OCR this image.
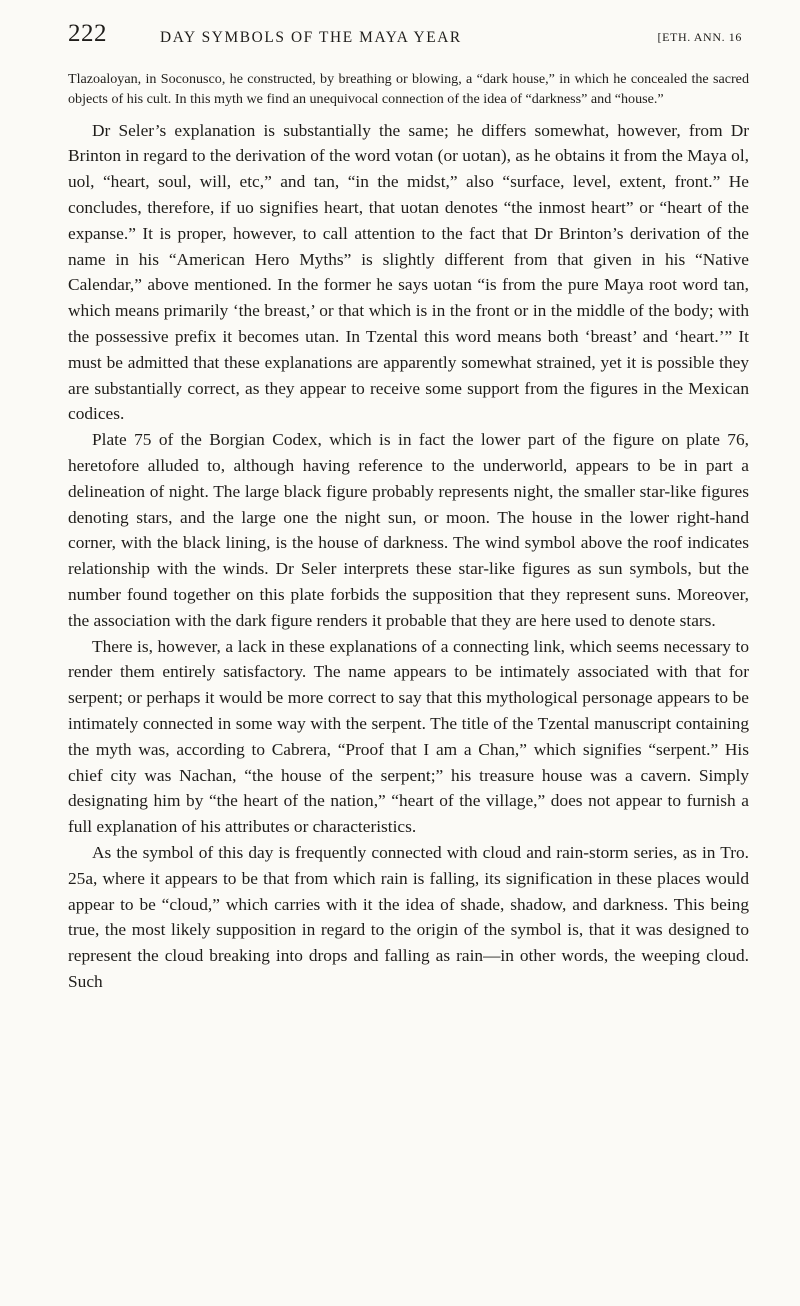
222	DAY SYMBOLS OF THE MAYA YEAR	[ETH. ANN. 16

Tlazoaloyan, in Soconusco, he constructed, by breathing or blowing, a “dark house,” in which he concealed the sacred objects of his cult. In this myth we find an unequivocal connection of the idea of “darkness” and “house.”

Dr Seler’s explanation is substantially the same; he differs somewhat, however, from Dr Brinton in regard to the derivation of the word votan (or uotan), as he obtains it from the Maya ol, uol, “heart, soul, will, etc,” and tan, “in the midst,” also “surface, level, extent, front.” He concludes, therefore, if uo signifies heart, that uotan denotes “the inmost heart” or “heart of the expanse.” It is proper, however, to call attention to the fact that Dr Brinton’s derivation of the name in his “American Hero Myths” is slightly different from that given in his “Native Calendar,” above mentioned. In the former he says uotan “is from the pure Maya root word tan, which means primarily ‘the breast,’ or that which is in the front or in the middle of the body; with the possessive prefix it becomes utan. In Tzental this word means both ‘breast’ and ‘heart.’” It must be admitted that these explanations are apparently somewhat strained, yet it is possible they are substantially correct, as they appear to receive some support from the figures in the Mexican codices.

Plate 75 of the Borgian Codex, which is in fact the lower part of the figure on plate 76, heretofore alluded to, although having reference to the underworld, appears to be in part a delineation of night. The large black figure probably represents night, the smaller star-like figures denoting stars, and the large one the night sun, or moon. The house in the lower right-hand corner, with the black lining, is the house of darkness. The wind symbol above the roof indicates relationship with the winds. Dr Seler interprets these star-like figures as sun symbols, but the number found together on this plate forbids the supposition that they represent suns. Moreover, the association with the dark figure renders it probable that they are here used to denote stars.

There is, however, a lack in these explanations of a connecting link, which seems necessary to render them entirely satisfactory. The name appears to be intimately associated with that for serpent; or perhaps it would be more correct to say that this mythological personage appears to be intimately connected in some way with the serpent. The title of the Tzental manuscript containing the myth was, according to Cabrera, “Proof that I am a Chan,” which signifies “serpent.” His chief city was Nachan, “the house of the serpent;” his treasure house was a cavern. Simply designating him by “the heart of the nation,” “heart of the village,” does not appear to furnish a full explanation of his attributes or characteristics.

As the symbol of this day is frequently connected with cloud and rain-storm series, as in Tro. 25a, where it appears to be that from which rain is falling, its signification in these places would appear to be “cloud,” which carries with it the idea of shade, shadow, and darkness. This being true, the most likely supposition in regard to the origin of the symbol is, that it was designed to represent the cloud breaking into drops and falling as rain—in other words, the weeping cloud. Such
